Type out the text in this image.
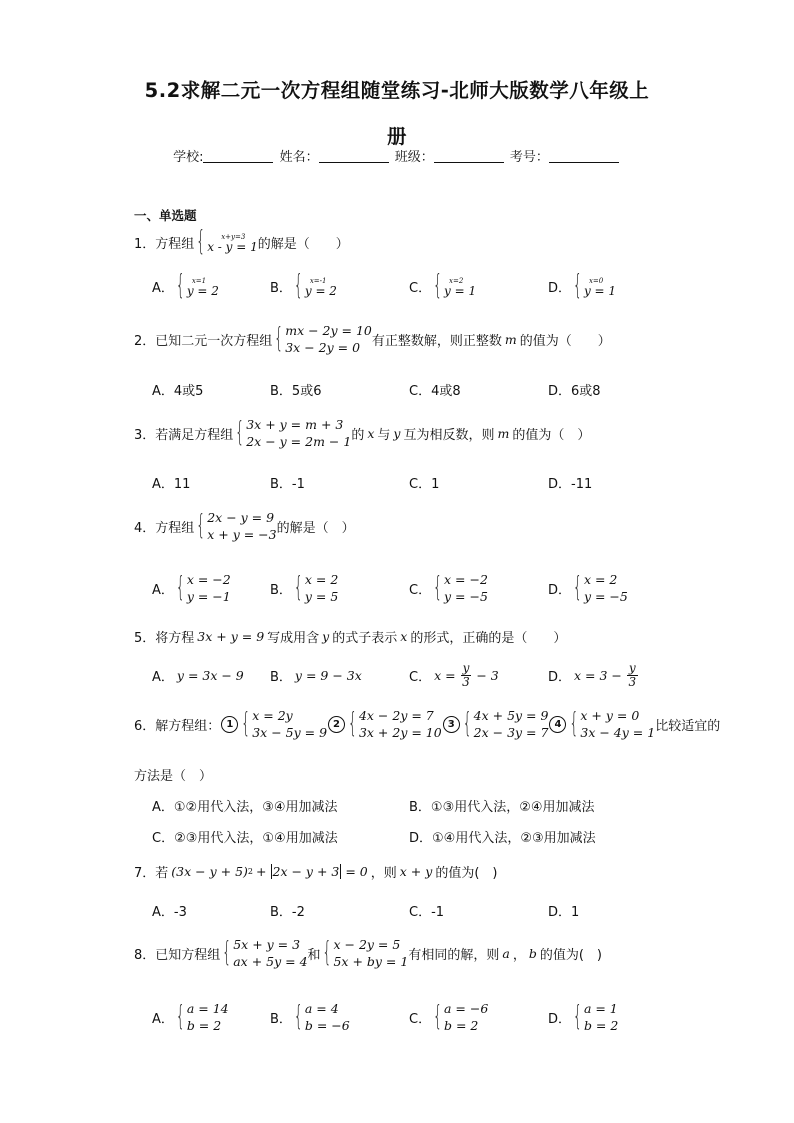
5.2求解二元一次方程组随堂练习-北师大版数学八年级上
册
学校:	姓名：	班级：	考号：
一、单选题
1． 方程组 { x+y=3
x - y = 1 的解是（　　）
A． { x=1
y = 2	B． { x=-1
y = 2	C． { x=2
y = 1	D． { x=0
y = 1
2． 已知二元一次方程组 { mx − 2y = 10
3x − 2y = 0 有正整数解，则正整数 m 的值为（　　）
A．4或5	B．5或6	C．4或8	D．6或8
3． 若满足方程组 { 3x + y = m + 3
2x − y = 2m − 1 的 x 与 y 互为相反数，则 m 的值为（　）
A．11	B．-1	C．1	D．-11
4． 方程组 { 2x − y = 9
x + y = −3 的解是（　）
A． { x = −2
y = −1	B． { x = 2
y = 5	C． { x = −2
y = −5	D． { x = 2
y = −5
5． 将方程 3x + y = 9 写成用含 y 的式子表示 x 的形式，正确的是（　　）
A． y = 3x − 9 B． y = 9 − 3x	C． $x = \frac{y}{3} - 3$	D． $x = 3 - \frac{y}{3}$
6． 解方程组： 1 { x = 2y
3x − 5y = 9
2 { 4x − 2y = 7
3x + 2y = 10
3 { 4x + 5y = 9
2x − 3y = 7
4 { x + y = 0
3x − 4y = 1 比较适宜的
方法是（　）
A．①②用代入法，③④用加减法	B．①③用代入法，②④用加减法
C．②③用代入法，①④用加减法	D．①④用代入法，②③用加减法
7． 若 (3x − y + 5) 2 + 2x − y + 3 = 0 ，则 x + y 的值为(　)
A．-3	B．-2	C．-1	D．1
8． 已知方程组 { 5x + y = 3
ax + 5y = 4 和 { x − 2y = 5
5x + by = 1 有相同的解，则 a ， b 的值为(　)
A． { a = 14
b = 2	B． { a = 4
b = −6	C． { a = −6
b = 2	D． { a = 1
b = 2
